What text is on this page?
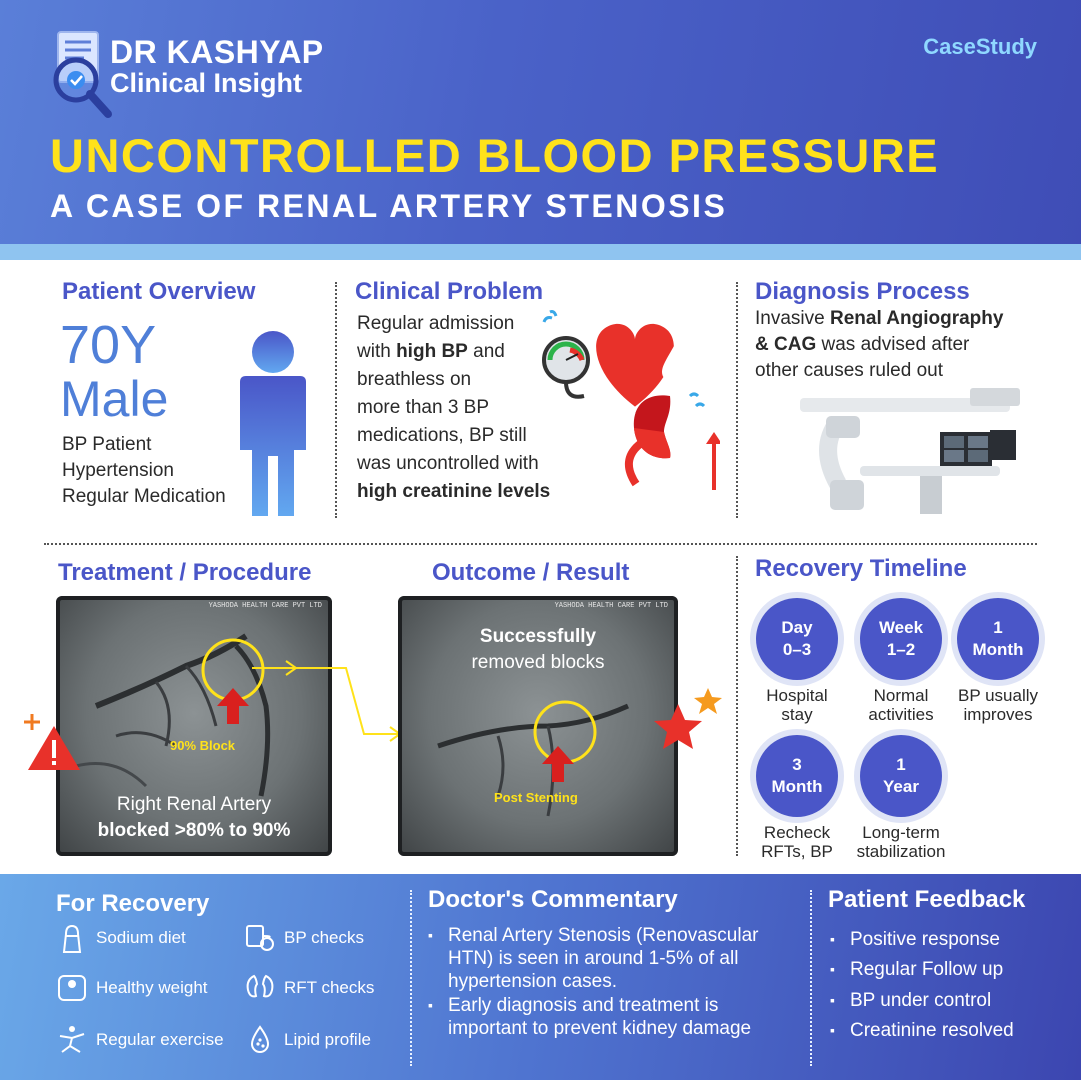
DR KASHYAP
Clinical Insight
CaseStudy
UNCONTROLLED BLOOD PRESSURE
A CASE OF RENAL ARTERY STENOSIS
Patient Overview
70Y
Male
BP Patient
Hypertension
Regular Medication
Clinical Problem
Regular admission
with high BP and
breathless on
more than 3 BP
medications, BP still
was uncontrolled with
high creatinine levels
Diagnosis Process
Invasive Renal Angiography
& CAG was advised after
other causes ruled out
Treatment / Procedure
YASHODA HEALTH CARE PVT LTD
90% Block
Right Renal Artery
blocked >80% to 90%
Outcome / Result
YASHODA HEALTH CARE PVT LTD
Successfully
removed blocks
Post Stenting
Recovery Timeline
Day
0–3
Hospital
stay
Week
1–2
Normal
activities
1
Month
BP usually
improves
3
Month
Recheck
RFTs, BP
1
Year
Long-term
stabilization
For Recovery
Sodium diet	BP checks
Healthy weight	RFT checks
Regular exercise	Lipid profile
Doctor's Commentary
▪ Renal Artery Stenosis (Renovascular
HTN) is seen in around 1-5% of all
hypertension cases.
▪ Early diagnosis and treatment is
important to prevent kidney damage
Patient Feedback
▪ Positive response
▪ Regular Follow up
▪ BP under control
▪ Creatinine resolved
